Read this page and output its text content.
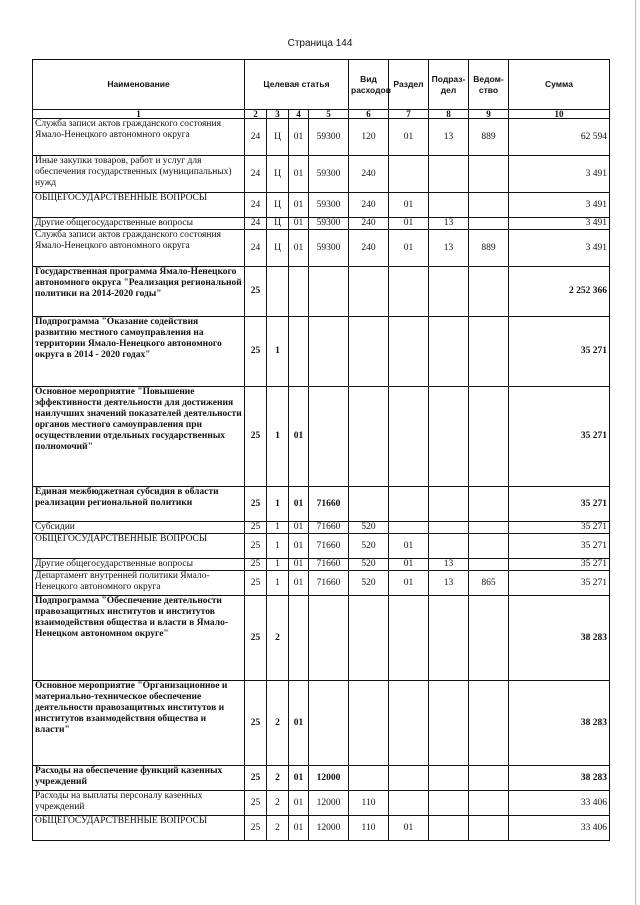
Страница 144
Наименование	Целевая статья				Вид расходов	Раздел	Подраз-дел	Ведом-ство	Сумма
1	2	3	4	5	6	7	8	9	10
Служба записи актов гражданского состояния Ямало-Ненецкого автономного округа	24	Ц	01	59300	120	01	13	889	62 594
Иные закупки товаров, работ и услуг для обеспечения государственных (муниципальных) нужд	24	Ц	01	59300	240				3 491
ОБЩЕГОСУДАРСТВЕННЫЕ ВОПРОСЫ	24	Ц	01	59300	240	01			3 491
Другие общегосударственные вопросы	24	Ц	01	59300	240	01	13		3 491
Служба записи актов гражданского состояния Ямало-Ненецкого автономного округа	24	Ц	01	59300	240	01	13	889	3 491
Государственная программа Ямало-Ненецкого автономного округа "Реализация региональной политики на 2014-2020 годы"	25								2 252 366
Подпрограмма "Оказание содействия развитию местного самоуправления на территории Ямало-Ненецкого автономного округа в 2014 - 2020 годах"	25	1							35 271
Основное мероприятие "Повышение эффективности деятельности для достижения наилучших значений показателей деятельности органов местного самоуправления при осуществлении отдельных государственных полномочий"	25	1	01						35 271
Единая межбюджетная субсидия в области реализации региональной политики	25	1	01	71660					35 271
Субсидии	25	1	01	71660	520				35 271
ОБЩЕГОСУДАРСТВЕННЫЕ ВОПРОСЫ	25	1	01	71660	520	01			35 271
Другие общегосударственные вопросы	25	1	01	71660	520	01	13		35 271
Департамент внутренней политики Ямало-Ненецкого автономного округа	25	1	01	71660	520	01	13	865	35 271
Подпрограмма "Обеспечение деятельности правозащитных институтов и институтов взаимодействия общества и власти в Ямало-Ненецком автономном округе"	25	2							38 283
Основное мероприятие "Организационное и материально-техническое обеспечение деятельности правозащитных институтов и институтов взаимодействия общества и власти"	25	2	01						38 283
Расходы на обеспечение функций казенных учреждений	25	2	01	12000					38 283
Расходы на выплаты персоналу казенных учреждений	25	2	01	12000	110				33 406
ОБЩЕГОСУДАРСТВЕННЫЕ ВОПРОСЫ	25	2	01	12000	110	01			33 406
